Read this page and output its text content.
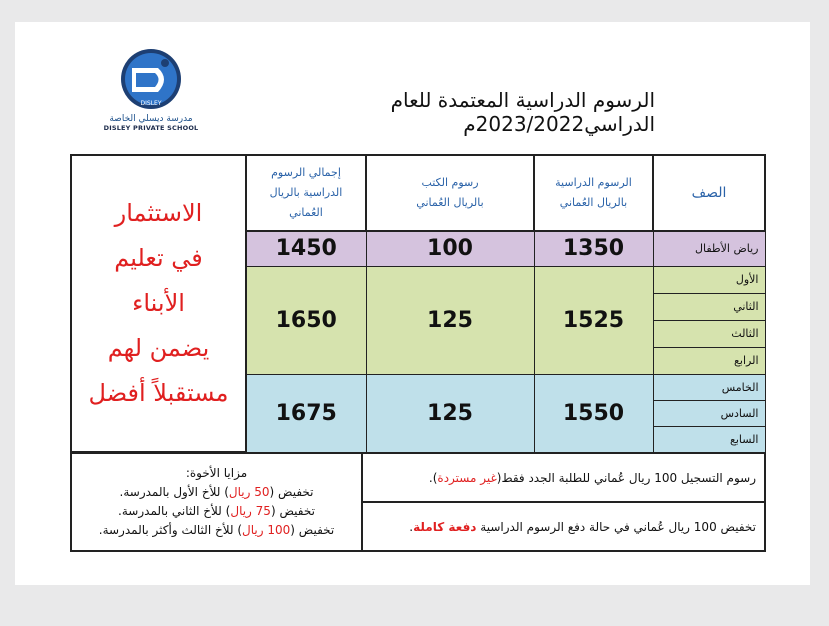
DISLEY
مدرسة ديسلي الخاصة
DISLEY PRIVATE SCHOOL
الرسوم الدراسية المعتمدة للعام الدراسي2023/2022م
الصف	الرسوم الدراسية بالريال العُماني	رسوم الكتب بالريال العُماني	إجمالي الرسوم الدراسية بالريال العُماني	الاستثمار
في تعليم
الأبناء
يضمن لهم
مستقبلاً أفضل

رياض الأطفال	1350	100	1450	
الأول	1525	125	1650	
الثاني				
الثالث				
الرابع				
الخامس	1550	125	1675	
السادس				
السابع				
رسوم التسجيل 100 ريال عُماني للطلبة الجدد فقط(غير مستردة).	
مزايا الأخوة:
تخفيض (50 ريال) للأخ الأول بالمدرسة.
تخفيض (75 ريال) للأخ الثاني بالمدرسة.
تخفيض (100 ريال) للأخ الثالث وأكثر بالمدرسة.

تخفيض 100 ريال عُماني في حالة دفع الرسوم الدراسية دفعة كاملة.
